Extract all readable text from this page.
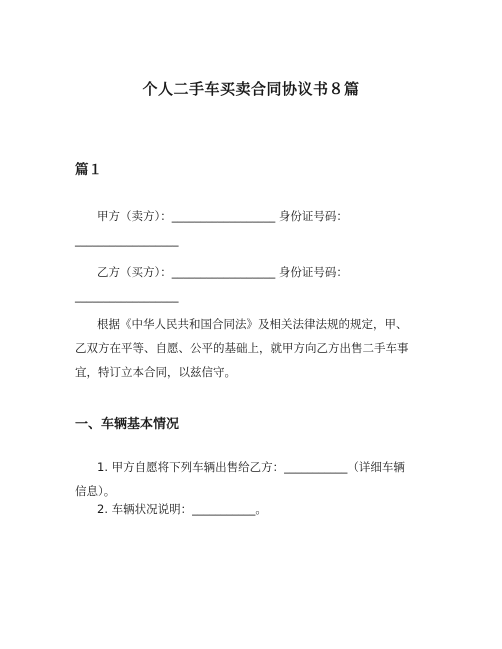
个人二手车买卖合同协议书８篇
篇１

甲方（卖方）：__________________ 身份证号码：__________________

乙方（买方）：__________________ 身份证号码：__________________

根据《中华人民共和国合同法》及相关法律法规的规定，甲、乙双方在平等、自愿、公平的基础上，就甲方向乙方出售二手车事宜，特订立本合同，以兹信守。

一、车辆基本情况

1. 甲方自愿将下列车辆出售给乙方：___________（详细车辆信息）。

2. 车辆状况说明：___________。
